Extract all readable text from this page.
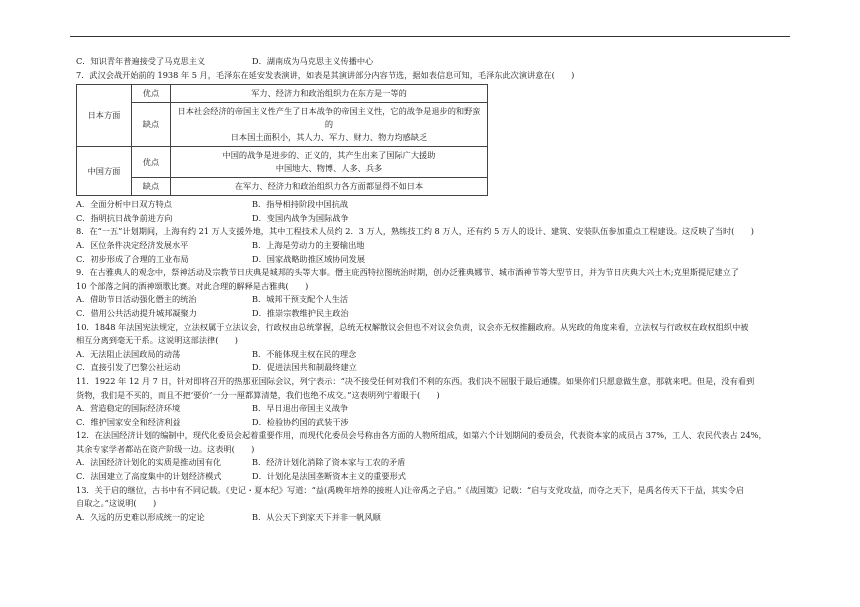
C．知识青年普遍接受了马克思主义	D．湖南成为马克思主义传播中心
7．武汉会战开始前的 1938 年 5 月，毛泽东在延安发表演讲，如表是其演讲部分内容节选，据如表信息可知，毛泽东此次演讲意在(　　)
日本方面	优点	军力、经济力和政治组织力在东方是一等的
	缺点	日本社会经济的帝国主义性产生了日本战争的帝国主义性，它的战争是退步的和野蛮的
日本国土面积小，其人力、军力、财力、物力均感缺乏

中国方面	优点	中国的战争是进步的、正义的，其产生出来了国际广大援助
中国地大、物博、人多、兵多

	缺点	在军力、经济力和政治组织力各方面都显得不如日本
A．全面分析中日双方特点	B．指导相持阶段中国抗战
C．指明抗日战争前进方向	D．变国内战争为国际战争
8．在“一五”计划期间，上海有约 21 万人支援外地，其中工程技术人员约 2．3 万人，熟练技工约 8 万人，还有约 5 万人的设计、建筑、安装队伍参加重点工程建设。这反映了当时(　　)
A．区位条件决定经济发展水平	B．上海是劳动力的主要输出地
C．初步形成了合理的工业布局	D．国家战略助推区域协同发展
9．在古雅典人的观念中，祭神活动及宗教节日庆典是城邦的头等大事。僭主庇西特拉图统治时期，创办泛雅典娜节、城市酒神节等大型节日，并为节日庆典大兴土木;克里斯提尼建立了
10 个部落之间的酒神颂歌比赛。对此合理的解释是古雅典(　　)
A．借助节日活动强化僭主的统治	B．城邦干预支配个人生活
C．借用公共活动提升城邦凝聚力	D．推崇宗教维护民主政治
10．1848 年法国宪法规定，立法权属于立法议会，行政权由总统掌握，总统无权解散议会但也不对议会负责，议会亦无权推翻政府。从宪政的角度来看，立法权与行政权在政权组织中被
相互分离到毫无干系。这说明这部法律(　　)
A．无法阻止法国政局的动荡	B．不能体现主权在民的理念
C．直接引发了巴黎公社运动	D．促进法国共和制最终建立
11．1922 年 12 月 7 日，针对即将召开的热那亚国际会议，列宁表示：“决不接受任何对我们不利的东西。我们决不屈服于最后通牒。如果你们只愿意做生意，那就来吧。但是，没有看到
货物，我们是不买的，而且不把‘要价’一分一厘都算清楚，我们也绝不成交。”这表明列宁着眼于(　　)
A．营造稳定的国际经济环境	B．早日退出帝国主义战争
C．维护国家安全和经济利益	D．检验协约国的武装干涉
12．在法国经济计划的编制中，现代化委员会起着重要作用，而现代化委员会号称由各方面的人物所组成，如第六个计划期间的委员会，代表资本家的成员占 37%，工人、农民代表占 24%，
其余专家学者都站在资产阶级一边。这表明(　　)
A．法国经济计划化的实质是推动国有化	B．经济计划化消除了资本家与工农的矛盾
C．法国建立了高度集中的计划经济模式	D．计划化是法国垄断资本主义的重要形式
13．关于启的继位，古书中有不同记载。《史记・夏本纪》写道：“益(禹晚年培养的接班人)让帝禹之子启。”《战国策》记载：“启与支党攻益，而夺之天下，是禹名传天下于益，其实令启
自取之。”这说明(　　)
A．久远的历史难以形成统一的定论	B．从公天下到家天下并非一帆风顺
